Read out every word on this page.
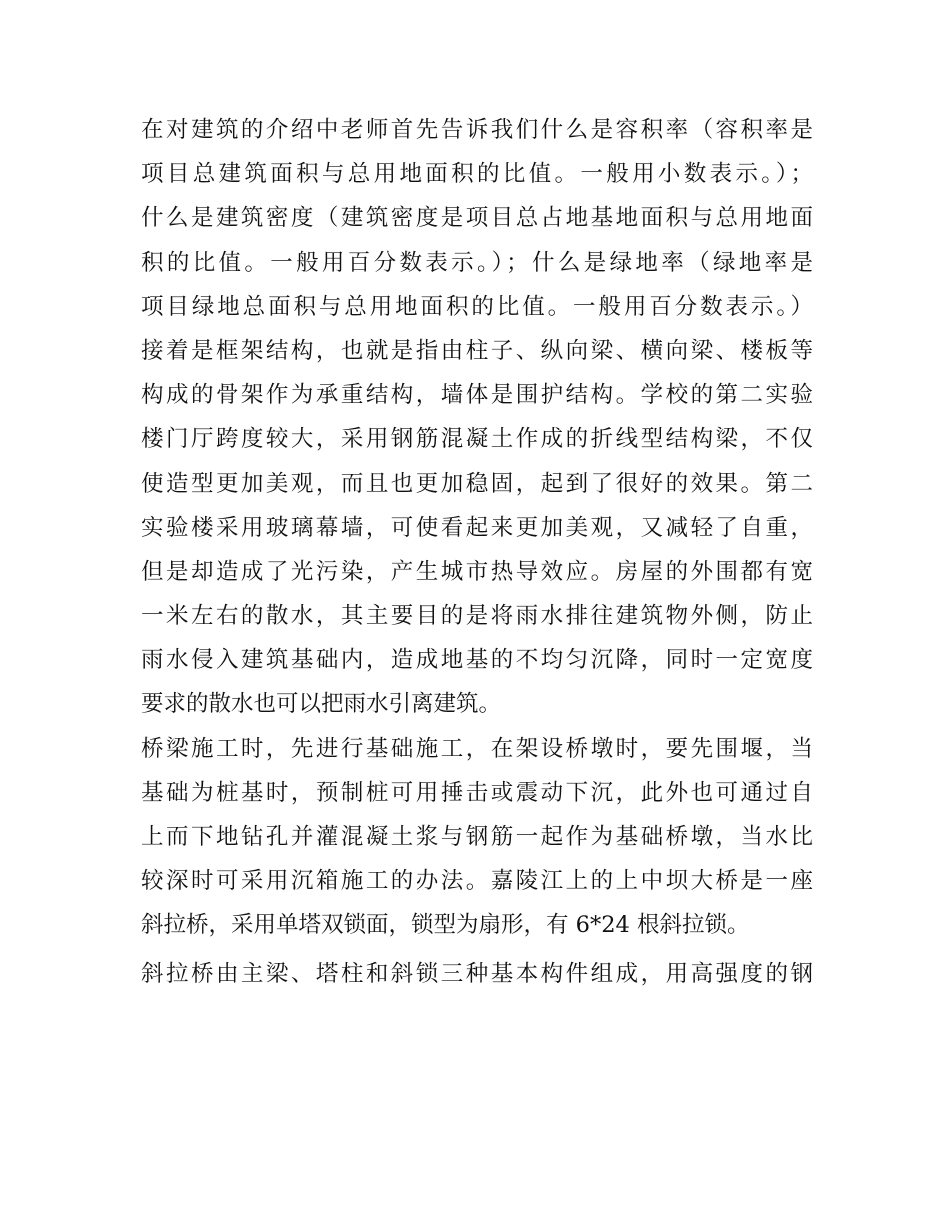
在对建筑的介绍中老师首先告诉我们什么是容积率（容积率是
项目总建筑面积与总用地面积的比值。一般用小数表示。）；
什么是建筑密度（建筑密度是项目总占地基地面积与总用地面
积的比值。一般用百分数表示。）；什么是绿地率（绿地率是
项目绿地总面积与总用地面积的比值。一般用百分数表示。）
接着是框架结构，也就是指由柱子、纵向梁、横向梁、楼板等
构成的骨架作为承重结构，墙体是围护结构。学校的第二实验
楼门厅跨度较大，采用钢筋混凝土作成的折线型结构梁，不仅
使造型更加美观，而且也更加稳固，起到了很好的效果。第二
实验楼采用玻璃幕墙，可使看起来更加美观，又减轻了自重，
但是却造成了光污染，产生城市热导效应。房屋的外围都有宽
一米左右的散水，其主要目的是将雨水排往建筑物外侧，防止
雨水侵入建筑基础内，造成地基的不均匀沉降，同时一定宽度
要求的散水也可以把雨水引离建筑。
桥梁施工时，先进行基础施工，在架设桥墩时，要先围堰，当
基础为桩基时，预制桩可用捶击或震动下沉，此外也可通过自
上而下地钻孔并灌混凝土浆与钢筋一起作为基础桥墩，当水比
较深时可采用沉箱施工的办法。嘉陵江上的上中坝大桥是一座
斜拉桥，采用单塔双锁面，锁型为扇形，有 6*24 根斜拉锁。
斜拉桥由主梁、塔柱和斜锁三种基本构件组成，用高强度的钢
